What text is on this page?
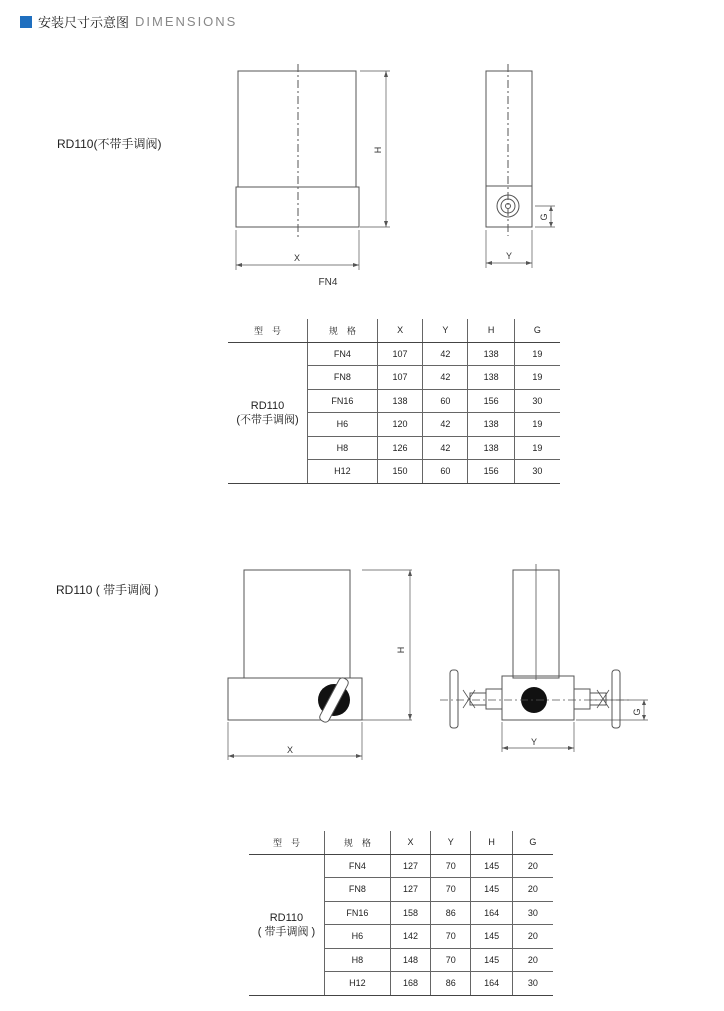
安装尺寸示意图 DIMENSIONS
RD110(不带手调阀)	H
X	Y
G
FN4
H
X
Y
G
型　号	规　格	X	Y	H	G

RD110
(不带手调阀)	FN4	107	42	138	19
	FN8	107	42	138	19
	FN16	138	60	156	30
	H6	120	42	138	19
	H8	126	42	138	19
	H12	150	60	156	30
RD110 ( 带手调阀 )
型　号	规　格	X	Y	H	G

RD110
( 带手调阀 )	FN4	127	70	145	20
	FN8	127	70	145	20
	FN16	158	86	164	30
	H6	142	70	145	20
	H8	148	70	145	20
	H12	168	86	164	30
